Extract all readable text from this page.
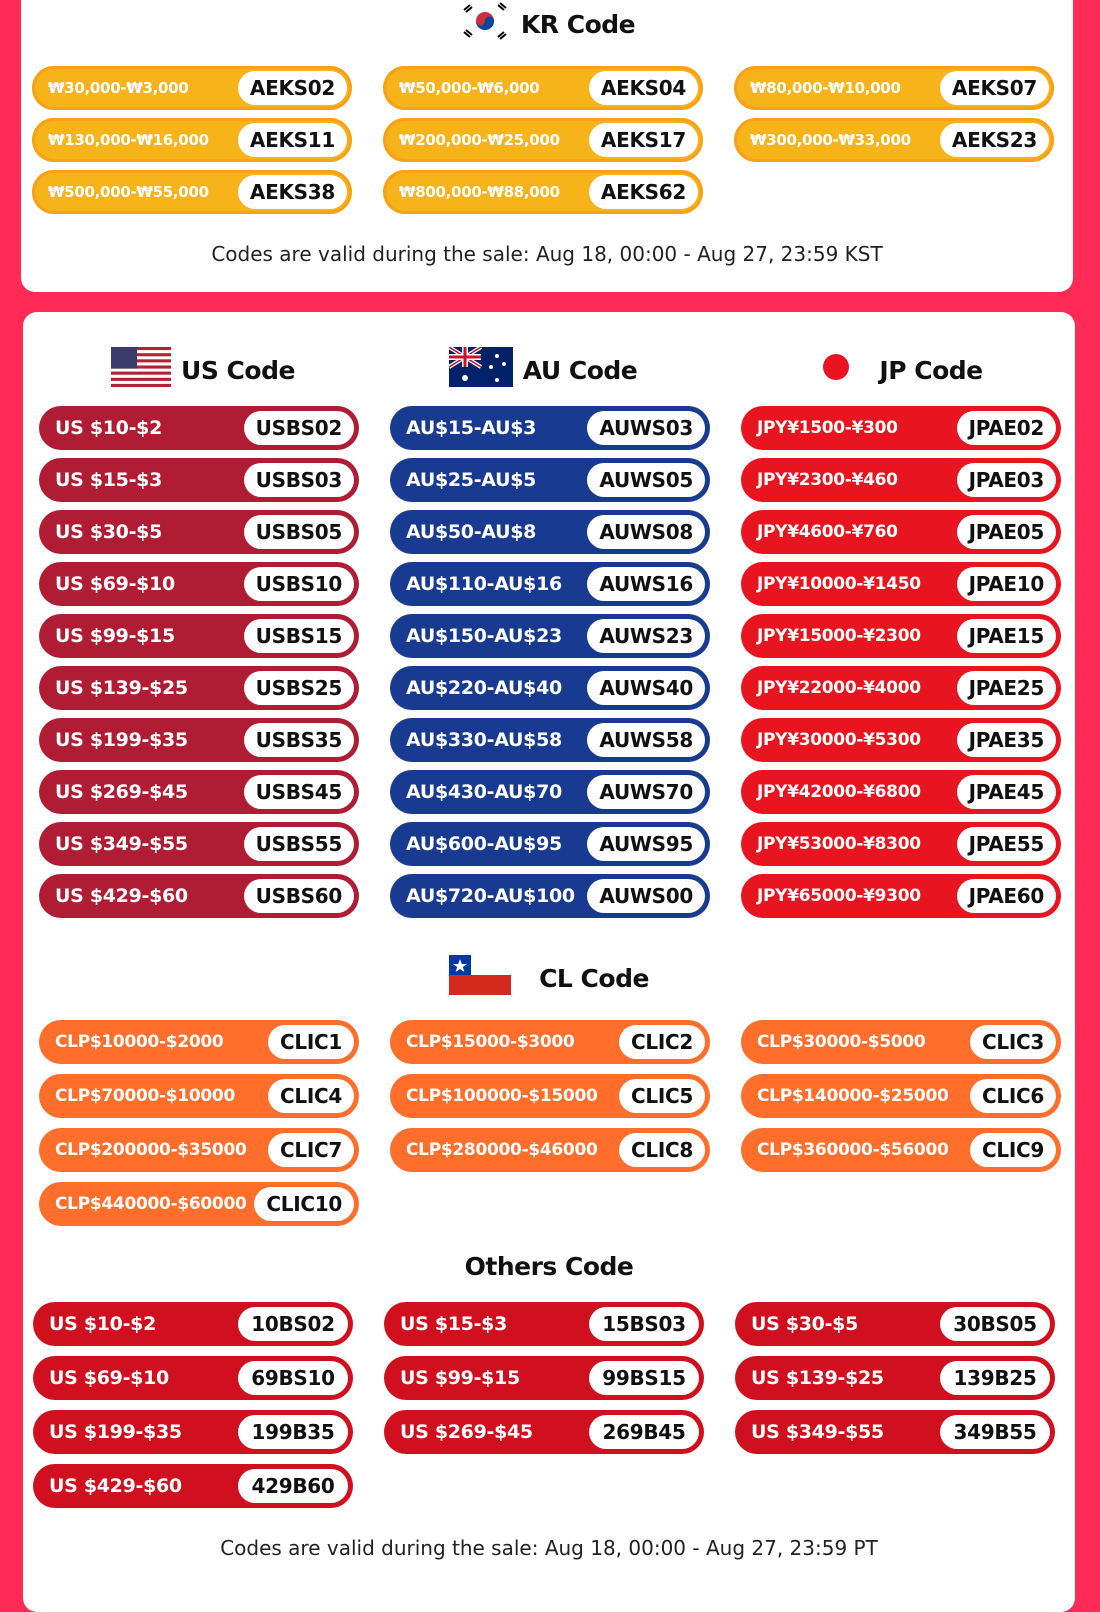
KR Code
₩30,000-₩3,000	AEKS02
₩130,000-₩16,000	AEKS11
₩500,000-₩55,000	AEKS38
₩50,000-₩6,000	AEKS04
₩200,000-₩25,000	AEKS17
₩800,000-₩88,000	AEKS62
₩80,000-₩10,000	AEKS07
₩300,000-₩33,000	AEKS23
Codes are valid during the sale: Aug 18, 00:00 - Aug 27, 23:59 KST
US Code	AU Code	JP Code
US $10-$2	USBS02
US $15-$3	USBS03
US $30-$5	USBS05
US $69-$10	USBS10
US $99-$15	USBS15
US $139-$25	USBS25
US $199-$35	USBS35
US $269-$45	USBS45
US $349-$55	USBS55
US $429-$60	USBS60
AU$15-AU$3	AUWS03
AU$25-AU$5	AUWS05
AU$50-AU$8	AUWS08
AU$110-AU$16	AUWS16
AU$150-AU$23	AUWS23
AU$220-AU$40	AUWS40
AU$330-AU$58	AUWS58
AU$430-AU$70	AUWS70
AU$600-AU$95	AUWS95
AU$720-AU$100	AUWS00
JPY¥1500-¥300	JPAE02
JPY¥2300-¥460	JPAE03
JPY¥4600-¥760	JPAE05
JPY¥10000-¥1450	JPAE10
JPY¥15000-¥2300	JPAE15
JPY¥22000-¥4000	JPAE25
JPY¥30000-¥5300	JPAE35
JPY¥42000-¥6800	JPAE45
JPY¥53000-¥8300	JPAE55
JPY¥65000-¥9300	JPAE60
CL Code
CLP$10000-$2000	CLIC1
CLP$70000-$10000	CLIC4
CLP$200000-$35000	CLIC7
CLP$440000-$60000 CLIC10
CLP$15000-$3000	CLIC2
CLP$100000-$15000	CLIC5
CLP$280000-$46000	CLIC8
CLP$30000-$5000	CLIC3
CLP$140000-$25000	CLIC6
CLP$360000-$56000	CLIC9
Others Code
US $10-$2	10BS02
US $69-$10	69BS10
US $199-$35	199B35
US $429-$60	429B60
US $15-$3	15BS03
US $99-$15	99BS15
US $269-$45	269B45
US $30-$5	30BS05
US $139-$25	139B25
US $349-$55	349B55
Codes are valid during the sale: Aug 18, 00:00 - Aug 27, 23:59 PT
